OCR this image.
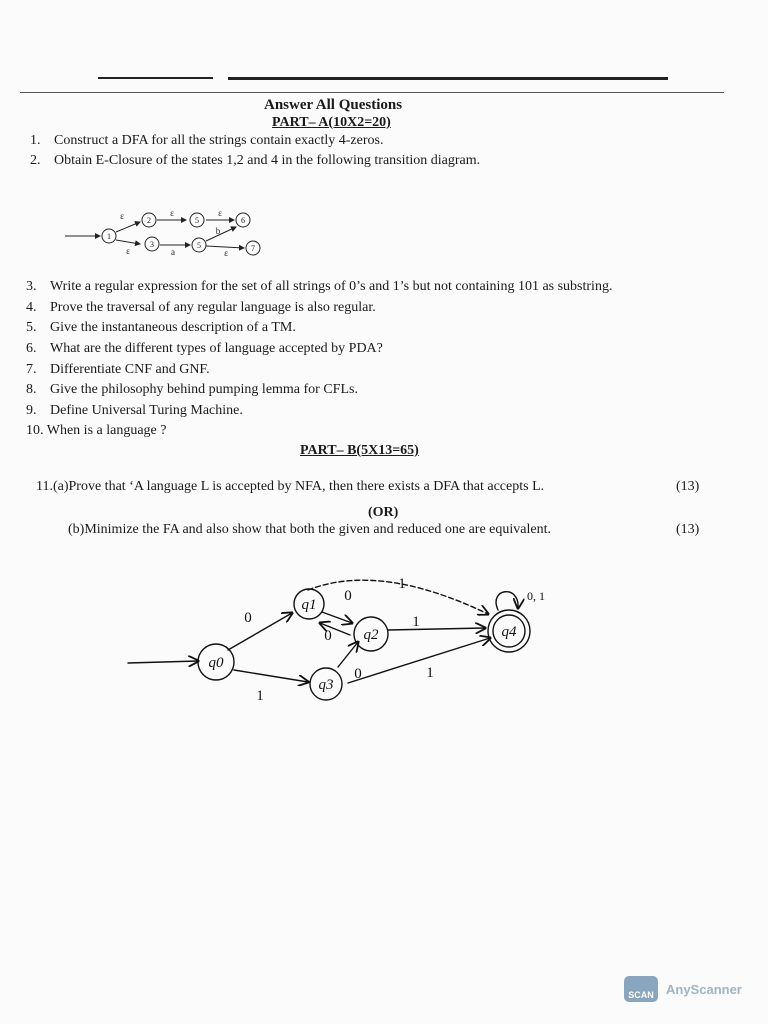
Answer All Questions
PART– A(10X2=20)
1. Construct a DFA for all the strings contain exactly 4-zeros.
2. Obtain E-Closure of the states 1,2 and 4 in the following transition diagram.
1
2	5	6
3	5	7
ε	ε	ε
ε	a	ε
b
3. Write a regular expression for the set of all strings of 0’s and 1’s but not containing 101 as substring.
4. Prove the traversal of any regular language is also regular.
5. Give the instantaneous description of a TM.
6. What are the different types of language accepted by PDA?
7. Differentiate CNF and GNF.
8. Give the philosophy behind pumping lemma for CFLs.
9. Define Universal Turing Machine.
10. When is a language ?
PART– B(5X13=65)
11.(a)Prove that ‘A language L is accepted by NFA, then there exists a DFA that accepts L.	(13)
(OR)
(b)Minimize the FA and also show that both the given and reduced one are equivalent.	(13)
q0
q1
q2
q3
q4
0
1
0
0
0
1
1
1
0, 1
SCAN AnyScanner
